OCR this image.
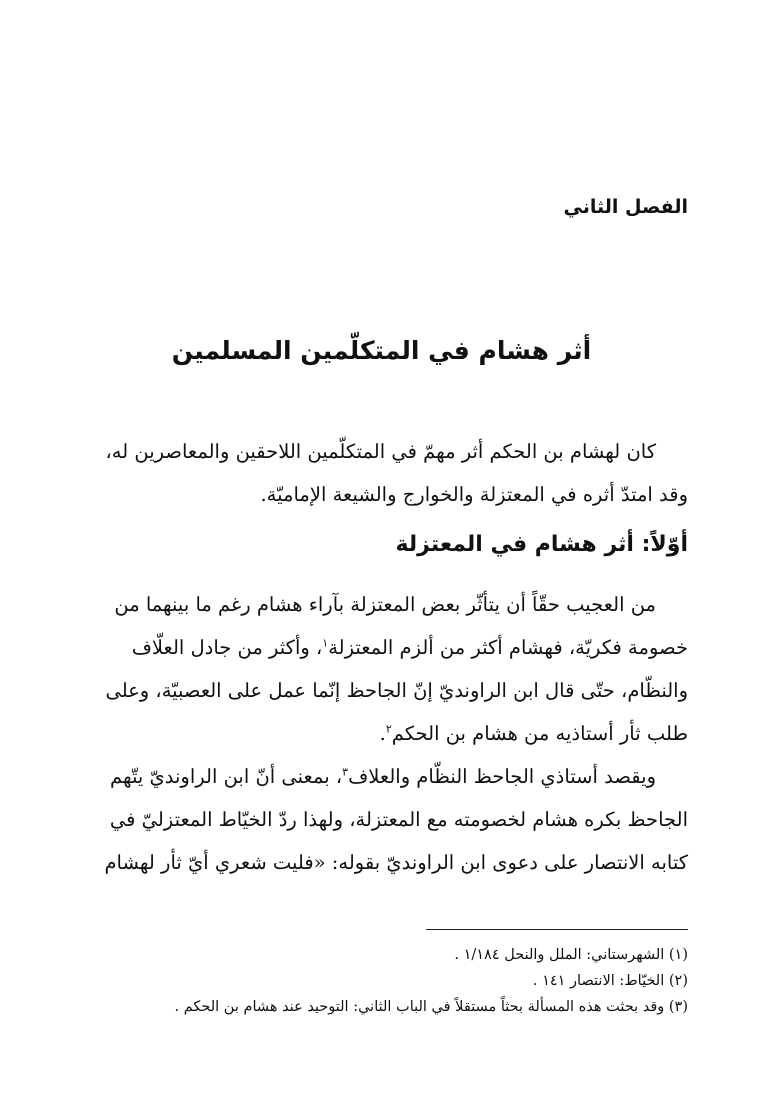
الفصل الثاني
أثر هشام في المتكلّمين المسلمين

كان لهشام بن الحكم أثر مهمّ في المتكلّمين اللاحقين والمعاصرين له،
وقد امتدّ أثره في المعتزلة والخوارج والشيعة الإماميّة.

أوّلاً: أثر هشام في المعتزلة

من العجيب حقّاً أن يتأثّر بعض المعتزلة بآراء هشام رغم ما بينهما من
خصومة فكريّة، فهشام أكثر من ألزم المعتزلة$^١$، وأكثر من جادل العلّاف
والنظّام، حتّى قال ابن الراونديّ إنّ الجاحظ إنّما عمل على العصبيّة، وعلى
طلب ثأر أستاذيه من هشام بن الحكم$^٢$.

ويقصد أستاذي الجاحظ النظّام والعلاف$^٣$، بمعنى أنّ ابن الراونديّ يتّهم
الجاحظ بكره هشام لخصومته مع المعتزلة، ولهذا ردّ الخيّاط المعتزليّ في
كتابه الانتصار على دعوى ابن الراونديّ بقوله: «فليت شعري أيّ ثأر لهشام

(١) الشهرستاني: الملل والنحل ١/١٨٤ .
(٢) الخيّاط: الانتصار ١٤١ .
(٣) وقد بحثت هذه المسألة بحثاً مستقلاً في الباب الثاني: التوحيد عند هشام بن الحكم .
